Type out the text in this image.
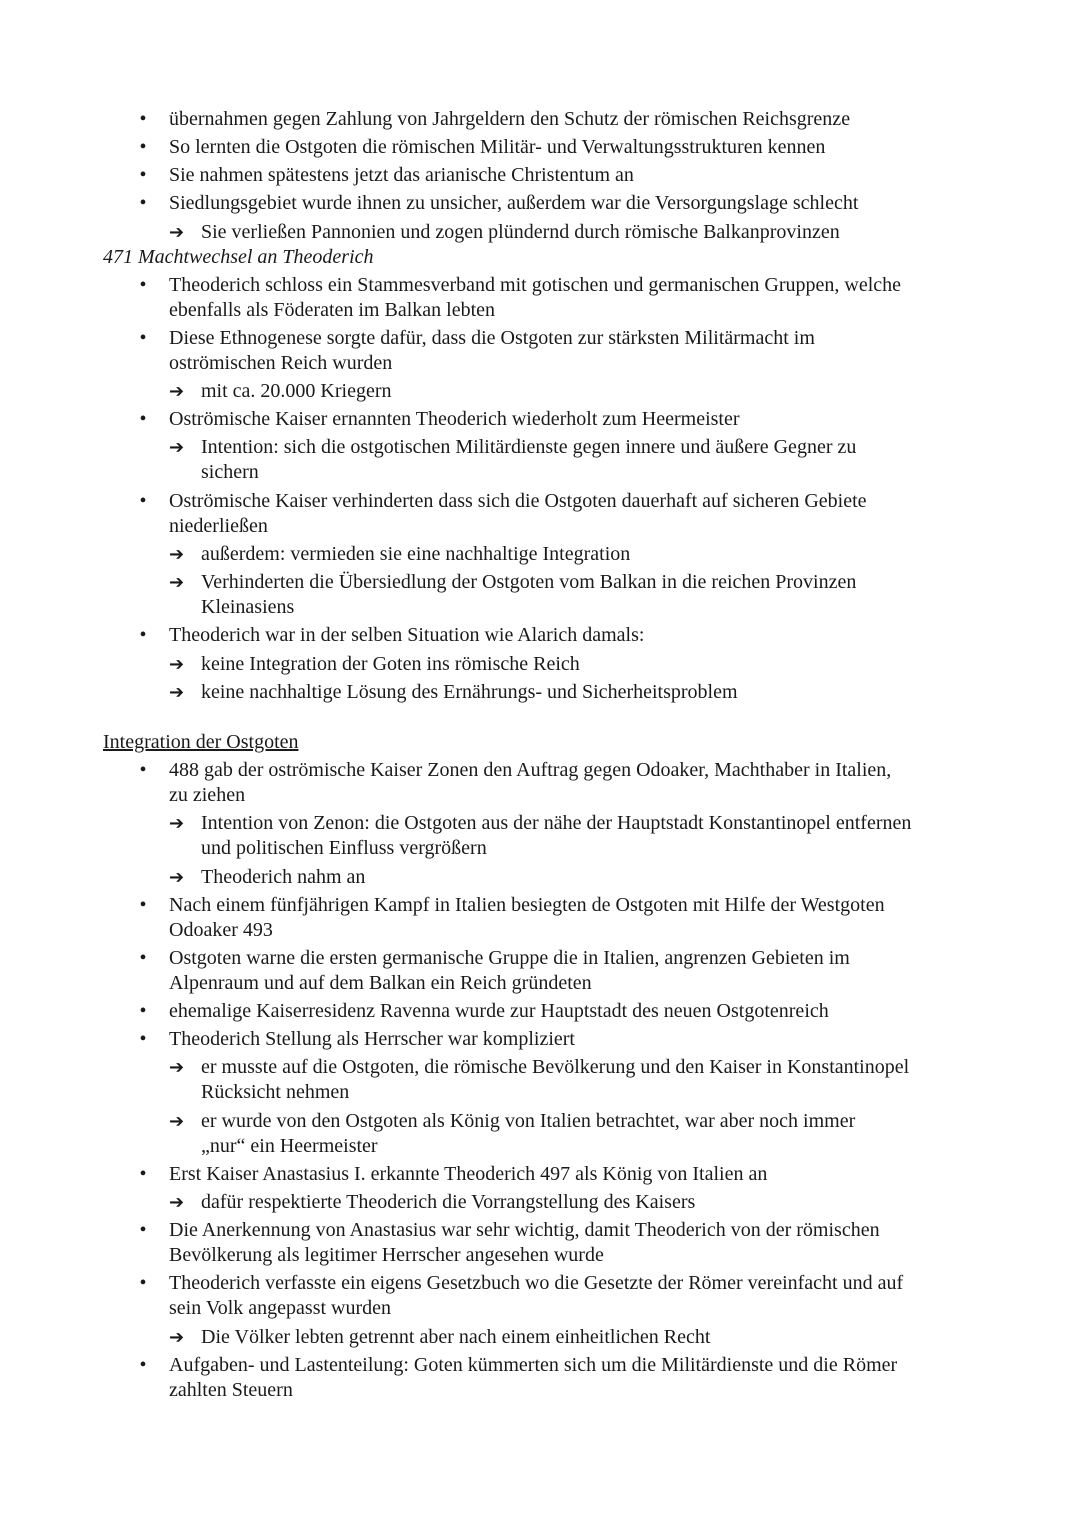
• übernahmen gegen Zahlung von Jahrgeldern den Schutz der römischen Reichsgrenze
• So lernten die Ostgoten die römischen Militär- und Verwaltungsstrukturen kennen
• Sie nahmen spätestens jetzt das arianische Christentum an
• Siedlungsgebiet wurde ihnen zu unsicher, außerdem war die Versorgungslage schlecht
➔ Sie verließen Pannonien und zogen plündernd durch römische Balkanprovinzen
471 Machtwechsel an Theoderich
• Theoderich schloss ein Stammesverband mit gotischen und germanischen Gruppen, welche
ebenfalls als Föderaten im Balkan lebten
• Diese Ethnogenese sorgte dafür, dass die Ostgoten zur stärksten Militärmacht im
oströmischen Reich wurden
➔ mit ca. 20.000 Kriegern
• Oströmische Kaiser ernannten Theoderich wiederholt zum Heermeister
➔ Intention: sich die ostgotischen Militärdienste gegen innere und äußere Gegner zu
sichern
• Oströmische Kaiser verhinderten dass sich die Ostgoten dauerhaft auf sicheren Gebiete
niederließen
➔ außerdem: vermieden sie eine nachhaltige Integration
➔ Verhinderten die Übersiedlung der Ostgoten vom Balkan in die reichen Provinzen
Kleinasiens
• Theoderich war in der selben Situation wie Alarich damals:
➔ keine Integration der Goten ins römische Reich
➔ keine nachhaltige Lösung des Ernährungs- und Sicherheitsproblem
Integration der Ostgoten
• 488 gab der oströmische Kaiser Zonen den Auftrag gegen Odoaker, Machthaber in Italien,
zu ziehen
➔ Intention von Zenon: die Ostgoten aus der nähe der Hauptstadt Konstantinopel entfernen
und politischen Einfluss vergrößern
➔ Theoderich nahm an
• Nach einem fünfjährigen Kampf in Italien besiegten de Ostgoten mit Hilfe der Westgoten
Odoaker 493
• Ostgoten warne die ersten germanische Gruppe die in Italien, angrenzen Gebieten im
Alpenraum und auf dem Balkan ein Reich gründeten
• ehemalige Kaiserresidenz Ravenna wurde zur Hauptstadt des neuen Ostgotenreich
• Theoderich Stellung als Herrscher war kompliziert
➔ er musste auf die Ostgoten, die römische Bevölkerung und den Kaiser in Konstantinopel
Rücksicht nehmen
➔ er wurde von den Ostgoten als König von Italien betrachtet, war aber noch immer
„nur“ ein Heermeister
• Erst Kaiser Anastasius I. erkannte Theoderich 497 als König von Italien an
➔ dafür respektierte Theoderich die Vorrangstellung des Kaisers
• Die Anerkennung von Anastasius war sehr wichtig, damit Theoderich von der römischen
Bevölkerung als legitimer Herrscher angesehen wurde
• Theoderich verfasste ein eigens Gesetzbuch wo die Gesetzte der Römer vereinfacht und auf
sein Volk angepasst wurden
➔ Die Völker lebten getrennt aber nach einem einheitlichen Recht
• Aufgaben- und Lastenteilung: Goten kümmerten sich um die Militärdienste und die Römer
zahlten Steuern
